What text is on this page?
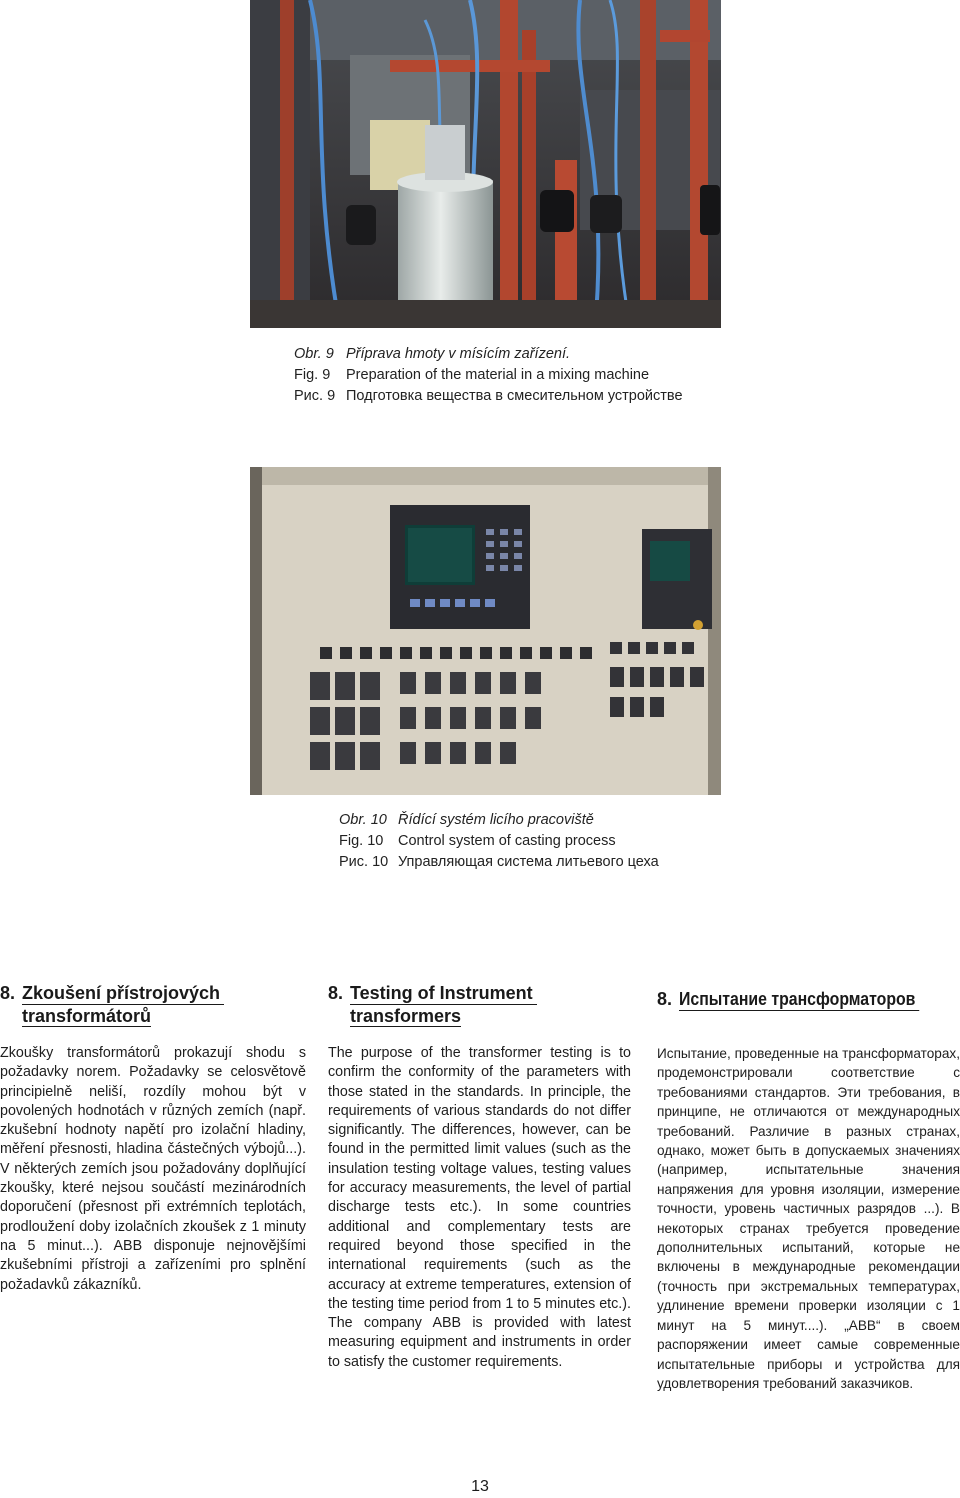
Obr. 9 Příprava hmoty v mísícím zařízení.
Fig. 9 Preparation of the material in a mixing machine
Рис. 9 Подготовка вещества в смесительном устройстве
Obr. 10 Řídící systém licího pracoviště
Fig. 10 Control system of casting process
Рис. 10 Управляющая система литьевого цеха
8. Zkoušení přístrojových
transformátorů
8. Testing of Instrument
transformers
8. Испытание трансформаторов
Zkoušky transformátorů prokazují shodu s požadavky norem. Požadavky se celosvětově principielně neliší, rozdíly mohou být v povolených hodnotách v různých zemích (např. zkušební hodnoty napětí pro izolační hladiny, měření přesnosti, hladina částečných výbojů...). V některých zemích jsou požadovány doplňující zkoušky, které nejsou součástí mezinárodních doporučení (přesnost při extrémních teplotách, prodloužení doby izolačních zkoušek z 1 minuty na 5 minut...). ABB disponuje nejnovějšími zkušebními přístroji a zařízeními pro splnění požadavků zákazníků.
The purpose of the transformer testing is to confirm the conformity of the parameters with those stated in the standards. In principle, the requirements of various standards do not differ significantly. The differences, however, can be found in the permitted limit values (such as the insulation testing voltage values, testing values for accuracy measurements, the level of partial discharge tests etc.). In some countries additional and complementary tests are required beyond those specified in the international requirements (such as the accuracy at extreme temperatures, extension of the testing time period from 1 to 5 minutes etc.). The company ABB is provided with latest measuring equipment and instruments in order to satisfy the customer requirements.
Испытание, проведенные на трансформаторах, продемонстрировали соответствие с требованиями стандартов. Эти требования, в принципе, не отличаются от международных требований. Различие в разных странах, однако, может быть в допускаемых значениях (например, испытательные значения напряжения для уровня изоляции, измерение точности, уровень частичных разрядов ...). В некоторых странах требуется проведение дополнительных испытаний, которые не включены в международные рекомендации (точность при экстремальных температурах, удлинение времени проверки изоляции с 1 минут на 5 минут....). „ABB“ в своем распоряжении имеет самые современные испытательные приборы и устройства для удовлетворения требований заказчиков.
13
